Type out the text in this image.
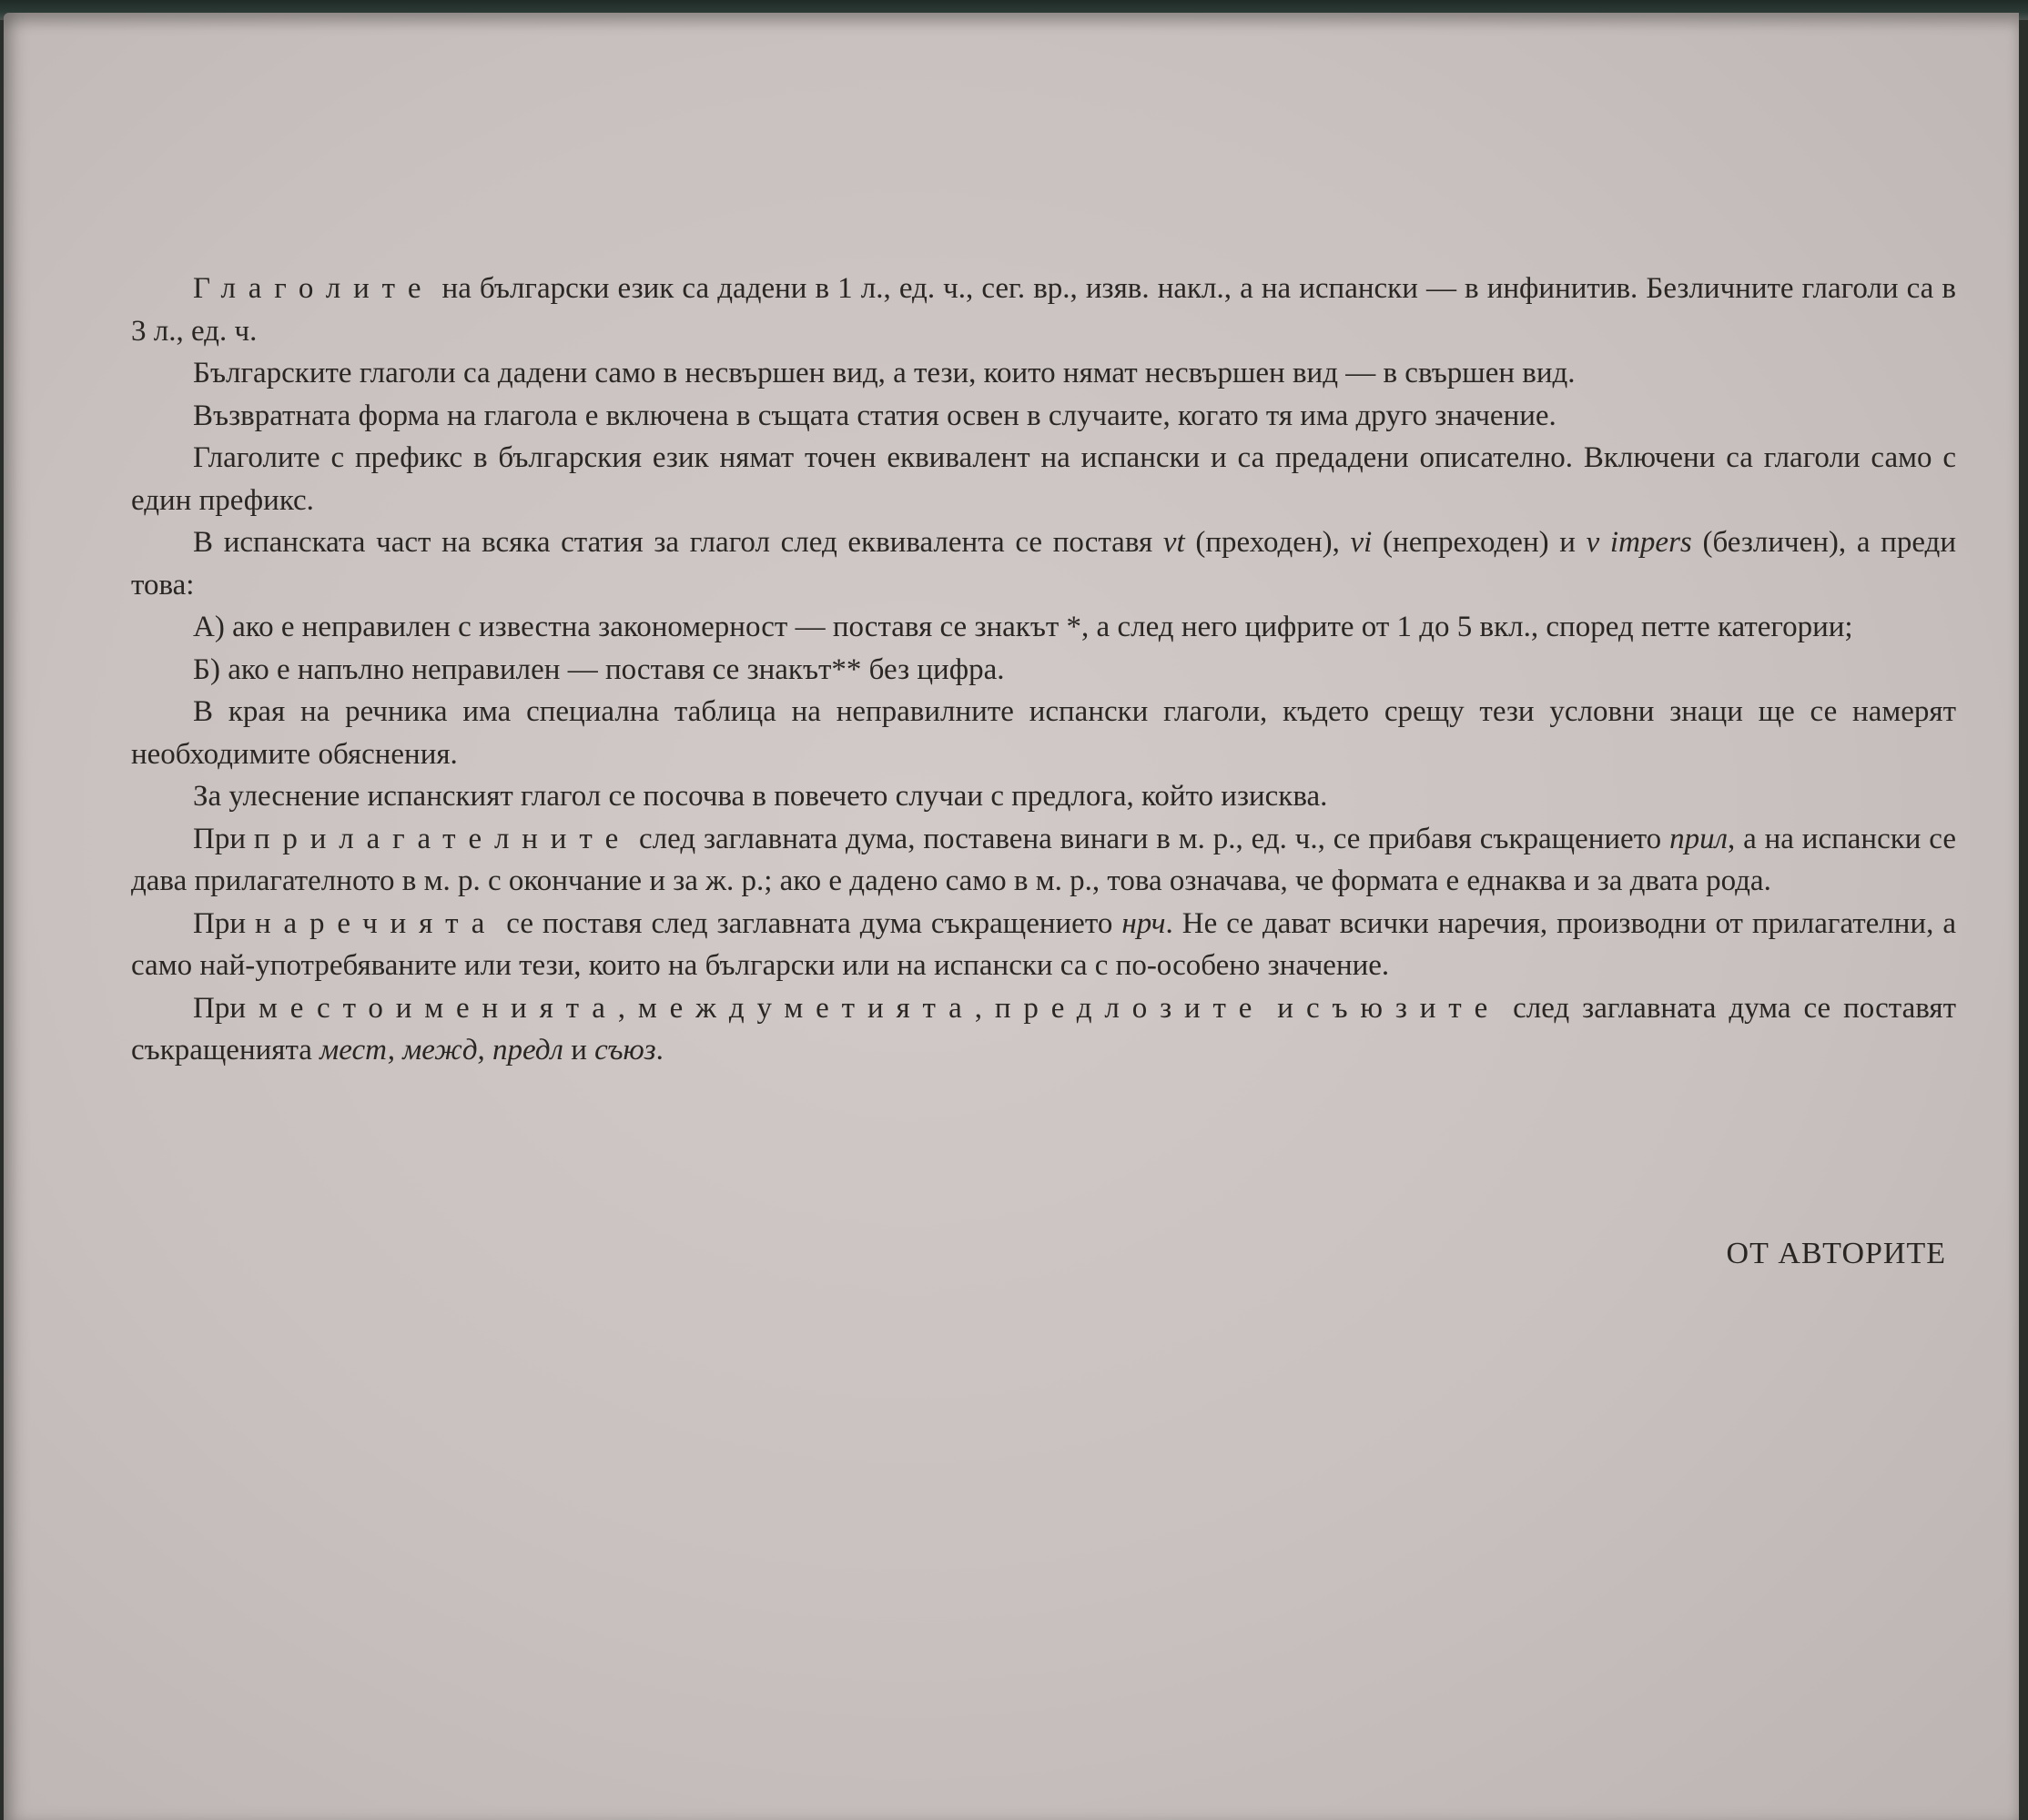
Глаголите на български език са дадени в 1 л., ед. ч., сег. вр., изяв. накл., а на испански — в инфинитив. Безличните глаголи са в 3 л., ед. ч.

Българските глаголи са дадени само в несвършен вид, а тези, които нямат несвършен вид — в свършен вид.

Възвратната форма на глагола е включена в същата статия освен в случаите, когато тя има друго значение.

Глаголите с префикс в българския език нямат точен еквивалент на испански и са предадени описателно. Включени са глаголи само с един префикс.

В испанската част на всяка статия за глагол след еквивалента се поставя vt (преходен), vi (непреходен) и v impers (безличен), а преди това:

А) ако е неправилен с известна закономерност — поставя се знакът *, а след него цифрите от 1 до 5 вкл., според петте категории;

Б) ако е напълно неправилен — поставя се знакът** без цифра.

В края на речника има специална таблица на неправилните испански глаголи, където срещу тези условни знаци ще се намерят необходимите обяснения.

За улеснение испанският глагол се посочва в повечето случаи с предлога, който изисква.

При прилагателните след заглавната дума, поставена винаги в м. р., ед. ч., се прибавя съкращението прил, а на испански се дава прилагателното в м. р. с окончание и за ж. р.; ако е дадено само в м. р., това означава, че формата е еднаква и за двата рода.

При наречията се поставя след заглавната дума съкращението нрч. Не се дават всички наречия, производни от прилагателни, а само най-употребяваните или тези, които на български или на испански са с по-особено значение.

При местоименията,междуметията,предлозите и съюзите след заглавната дума се поставят съкращенията мест, межд, предл и съюз.

ОТ АВТОРИТЕ
